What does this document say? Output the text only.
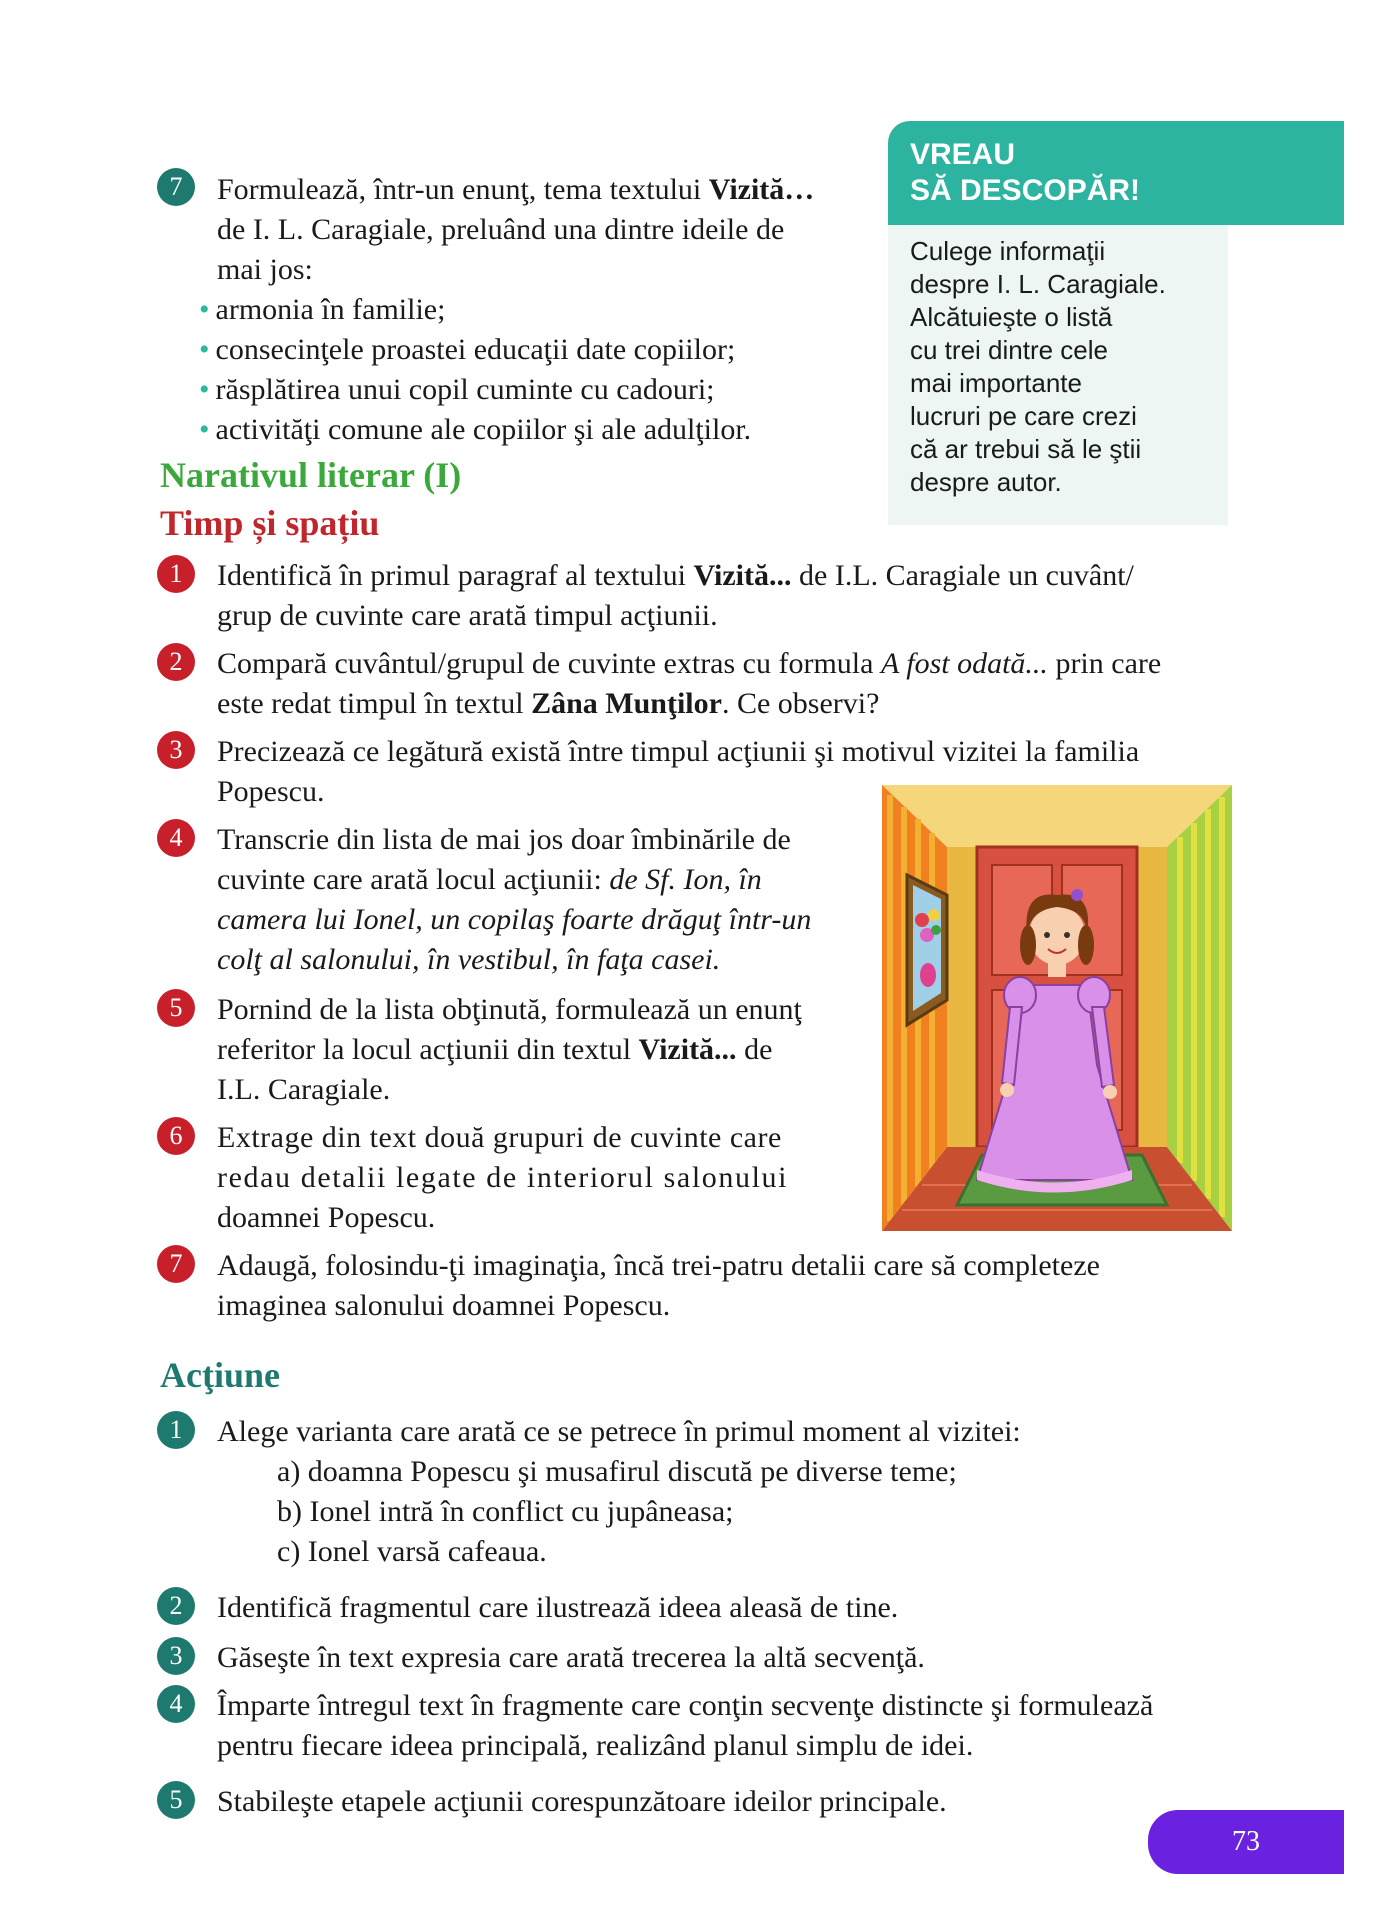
VREAU
SĂ DESCOPĂR!
Culege informaţii
despre I. L. Caragiale.
Alcătuieşte o listă
cu trei dintre cele
mai importante
lucruri pe care crezi
că ar trebui să le ştii
despre autor.
7	Formulează, într-un enunţ, tema textului Vizită…
de I. L. Caragiale, preluând una dintre ideile de
mai jos:
• armonia în familie;
• consecinţele proastei educaţii date copiilor;
• răsplătirea unui copil cuminte cu cadouri;
• activităţi comune ale copiilor şi ale adulţilor.
Narativul literar (I)
Timp și spațiu
1	Identifică în primul paragraf al textului Vizită... de I.L. Caragiale un cuvânt/
grup de cuvinte care arată timpul acţiunii.
2	Compară cuvântul/grupul de cuvinte extras cu formula A fost odată... prin care
este redat timpul în textul Zâna Munţilor. Ce observi?
3	Precizează ce legătură există între timpul acţiunii şi motivul vizitei la familia
Popescu.
4	Transcrie din lista de mai jos doar îmbinările de
cuvinte care arată locul acţiunii: de Sf. Ion, în
camera lui Ionel, un copilaş foarte drăguţ într-un
colţ al salonului, în vestibul, în faţa casei.
5	Pornind de la lista obţinută, formulează un enunţ
referitor la locul acţiunii din textul Vizită... de
I.L. Caragiale.
6	Extrage din text două grupuri de cuvinte care
redau detalii legate de interiorul salonului
doamnei Popescu.
7	Adaugă, folosindu-ţi imaginaţia, încă trei-patru detalii care să completeze
imaginea salonului doamnei Popescu.
Acţiune
1	Alege varianta care arată ce se petrece în primul moment al vizitei:
a) doamna Popescu şi musafirul discută pe diverse teme;
b) Ionel intră în conflict cu jupâneasa;
c) Ionel varsă cafeaua.
2	Identifică fragmentul care ilustrează ideea aleasă de tine.
3	Găseşte în text expresia care arată trecerea la altă secvenţă.
4	Împarte întregul text în fragmente care conţin secvenţe distincte şi formulează
pentru fiecare ideea principală, realizând planul simplu de idei.
5	Stabileşte etapele acţiunii corespunzătoare ideilor principale.
73
